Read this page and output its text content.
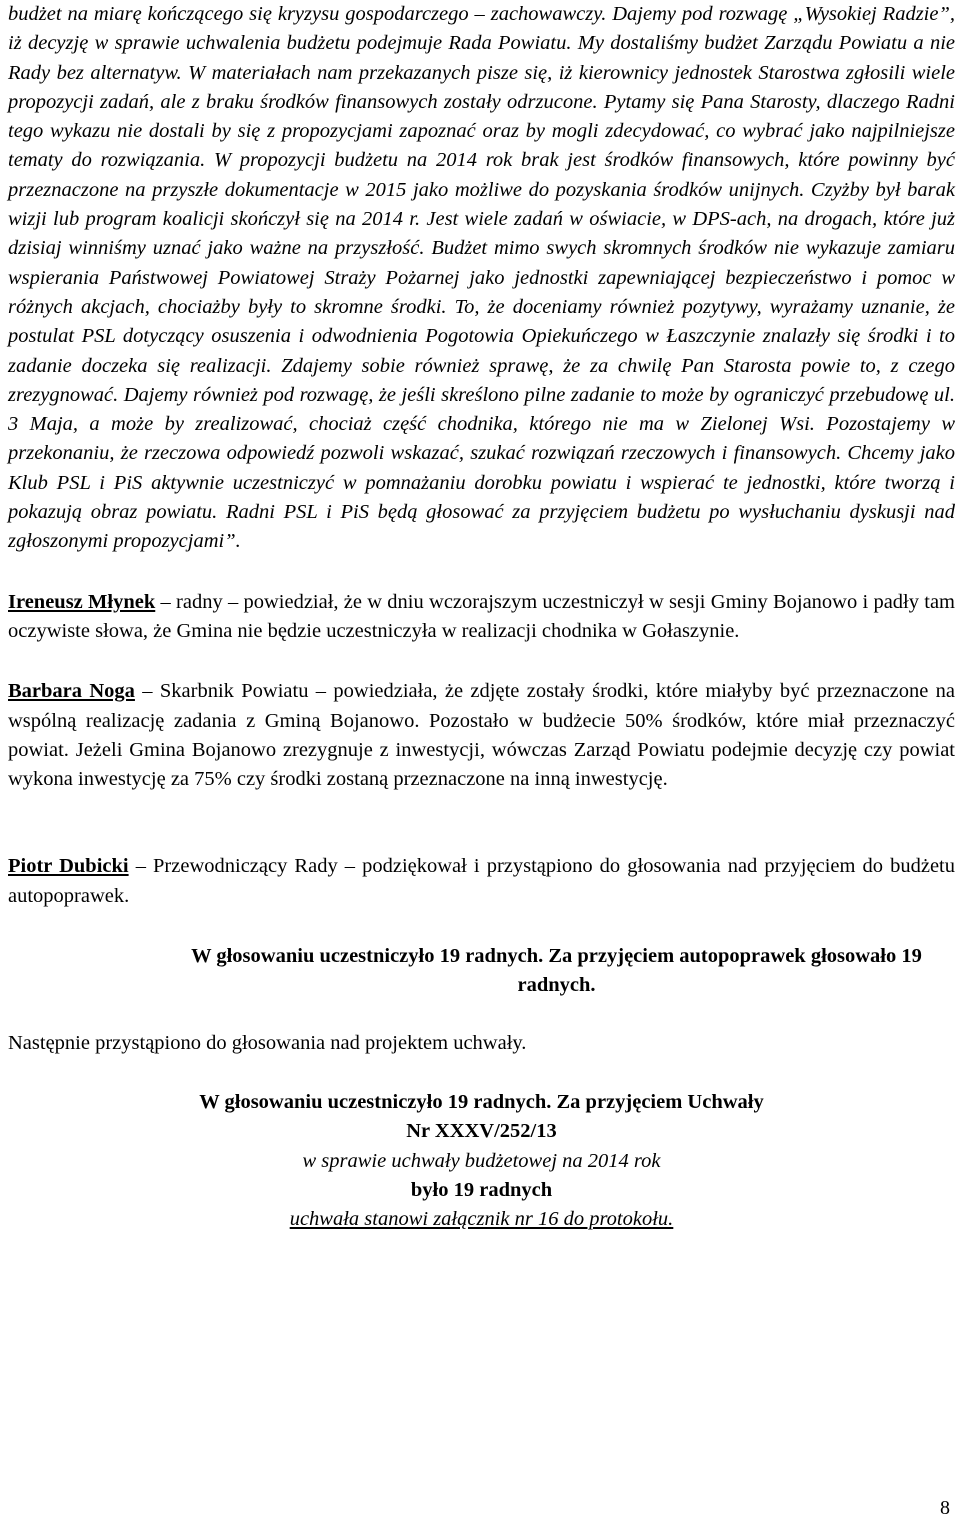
budżet na miarę kończącego się kryzysu gospodarczego – zachowawczy. Dajemy pod rozwagę „Wysokiej Radzie”, iż decyzję w sprawie uchwalenia budżetu podejmuje Rada Powiatu. My dostaliśmy budżet Zarządu Powiatu a nie Rady bez alternatyw. W materiałach nam przekazanych pisze się, iż kierownicy jednostek Starostwa zgłosili wiele propozycji zadań, ale z braku środków finansowych zostały odrzucone. Pytamy się Pana Starosty, dlaczego Radni tego wykazu nie dostali by się z propozycjami zapoznać oraz by mogli zdecydować, co wybrać jako najpilniejsze tematy do rozwiązania. W propozycji budżetu na 2014 rok brak jest środków finansowych, które powinny być przeznaczone na przyszłe dokumentacje w 2015 jako możliwe do pozyskania środków unijnych. Czyżby był barak wizji lub program koalicji skończył się na 2014 r. Jest wiele zadań w oświacie, w DPS-ach, na drogach, które już dzisiaj winniśmy uznać jako ważne na przyszłość. Budżet mimo swych skromnych środków nie wykazuje zamiaru wspierania Państwowej Powiatowej Straży Pożarnej jako jednostki zapewniającej bezpieczeństwo i pomoc w różnych akcjach, chociażby były to skromne środki. To, że doceniamy również pozytywy, wyrażamy uznanie, że postulat PSL dotyczący osuszenia i odwodnienia Pogotowia Opiekuńczego w Łaszczynie znalazły się środki i to zadanie doczeka się realizacji. Zdajemy sobie również sprawę, że za chwilę Pan Starosta powie to, z czego zrezygnować. Dajemy również pod rozwagę, że jeśli skreślono pilne zadanie to może by ograniczyć przebudowę ul. 3 Maja, a może by zrealizować, chociaż część chodnika, którego nie ma w Zielonej Wsi. Pozostajemy w przekonaniu, że rzeczowa odpowiedź pozwoli wskazać, szukać rozwiązań rzeczowych i finansowych. Chcemy jako Klub PSL i PiS aktywnie uczestniczyć w pomnażaniu dorobku powiatu i wspierać te jednostki, które tworzą i pokazują obraz powiatu. Radni PSL i PiS będą głosować za przyjęciem budżetu po wysłuchaniu dyskusji nad zgłoszonymi propozycjami”.

Ireneusz Młynek – radny – powiedział, że w dniu wczorajszym uczestniczył w sesji Gminy Bojanowo i padły tam oczywiste słowa, że Gmina nie będzie uczestniczyła w realizacji chodnika w Gołaszynie.

Barbara Noga – Skarbnik Powiatu – powiedziała, że zdjęte zostały środki, które miałyby być przeznaczone na wspólną realizację zadania z Gminą Bojanowo. Pozostało w budżecie 50% środków, które miał przeznaczyć powiat. Jeżeli Gmina Bojanowo zrezygnuje z inwestycji, wówczas Zarząd Powiatu podejmie decyzję czy powiat wykona inwestycję za 75% czy środki zostaną przeznaczone na inną inwestycję.

Piotr Dubicki – Przewodniczący Rady – podziękował i przystąpiono do głosowania nad przyjęciem do budżetu autopoprawek.

W głosowaniu uczestniczyło 19 radnych. Za przyjęciem autopoprawek głosowało 19 radnych.

Następnie przystąpiono do głosowania nad projektem uchwały.

W głosowaniu uczestniczyło 19 radnych. Za przyjęciem Uchwały
Nr XXXV/252/13
w sprawie uchwały budżetowej na 2014 rok
było 19 radnych
uchwała stanowi załącznik nr 16 do protokołu.
8
